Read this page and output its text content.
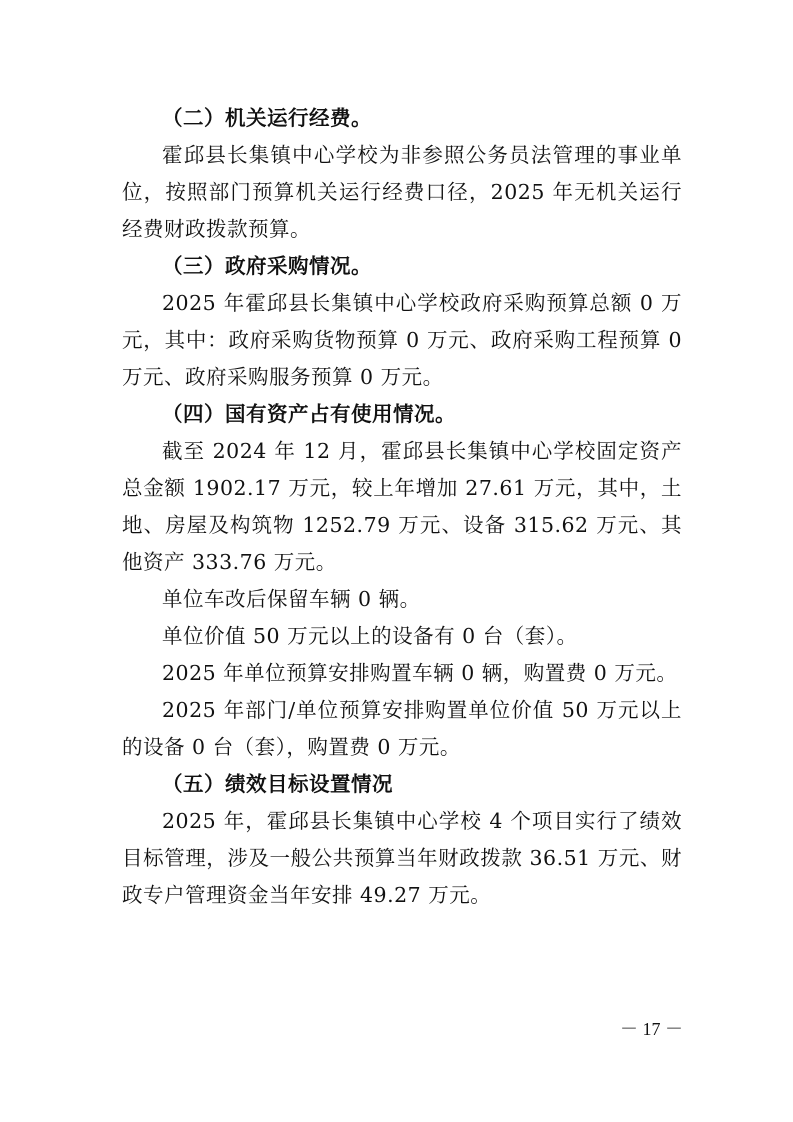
（二）机关运行经费。

霍邱县长集镇中心学校为非参照公务员法管理的事业单位，按照部门预算机关运行经费口径，2025 年无机关运行经费财政拨款预算。

（三）政府采购情况。

2025 年霍邱县长集镇中心学校政府采购预算总额 0 万元，其中：政府采购货物预算 0 万元、政府采购工程预算 0 万元、政府采购服务预算 0 万元。

（四）国有资产占有使用情况。

截至 2024 年 12 月，霍邱县长集镇中心学校固定资产总金额 1902.17 万元，较上年增加 27.61 万元，其中，土地、房屋及构筑物 1252.79 万元、设备 315.62 万元、其他资产 333.76 万元。

单位车改后保留车辆 0 辆。

单位价值 50 万元以上的设备有 0 台（套）。

2025 年单位预算安排购置车辆 0 辆，购置费 0 万元。

2025 年部门/单位预算安排购置单位价值 50 万元以上的设备 0 台（套），购置费 0 万元。

（五）绩效目标设置情况

2025 年，霍邱县长集镇中心学校 4 个项目实行了绩效目标管理，涉及一般公共预算当年财政拨款 36.51 万元、财政专户管理资金当年安排 49.27 万元。

－ 17 －
